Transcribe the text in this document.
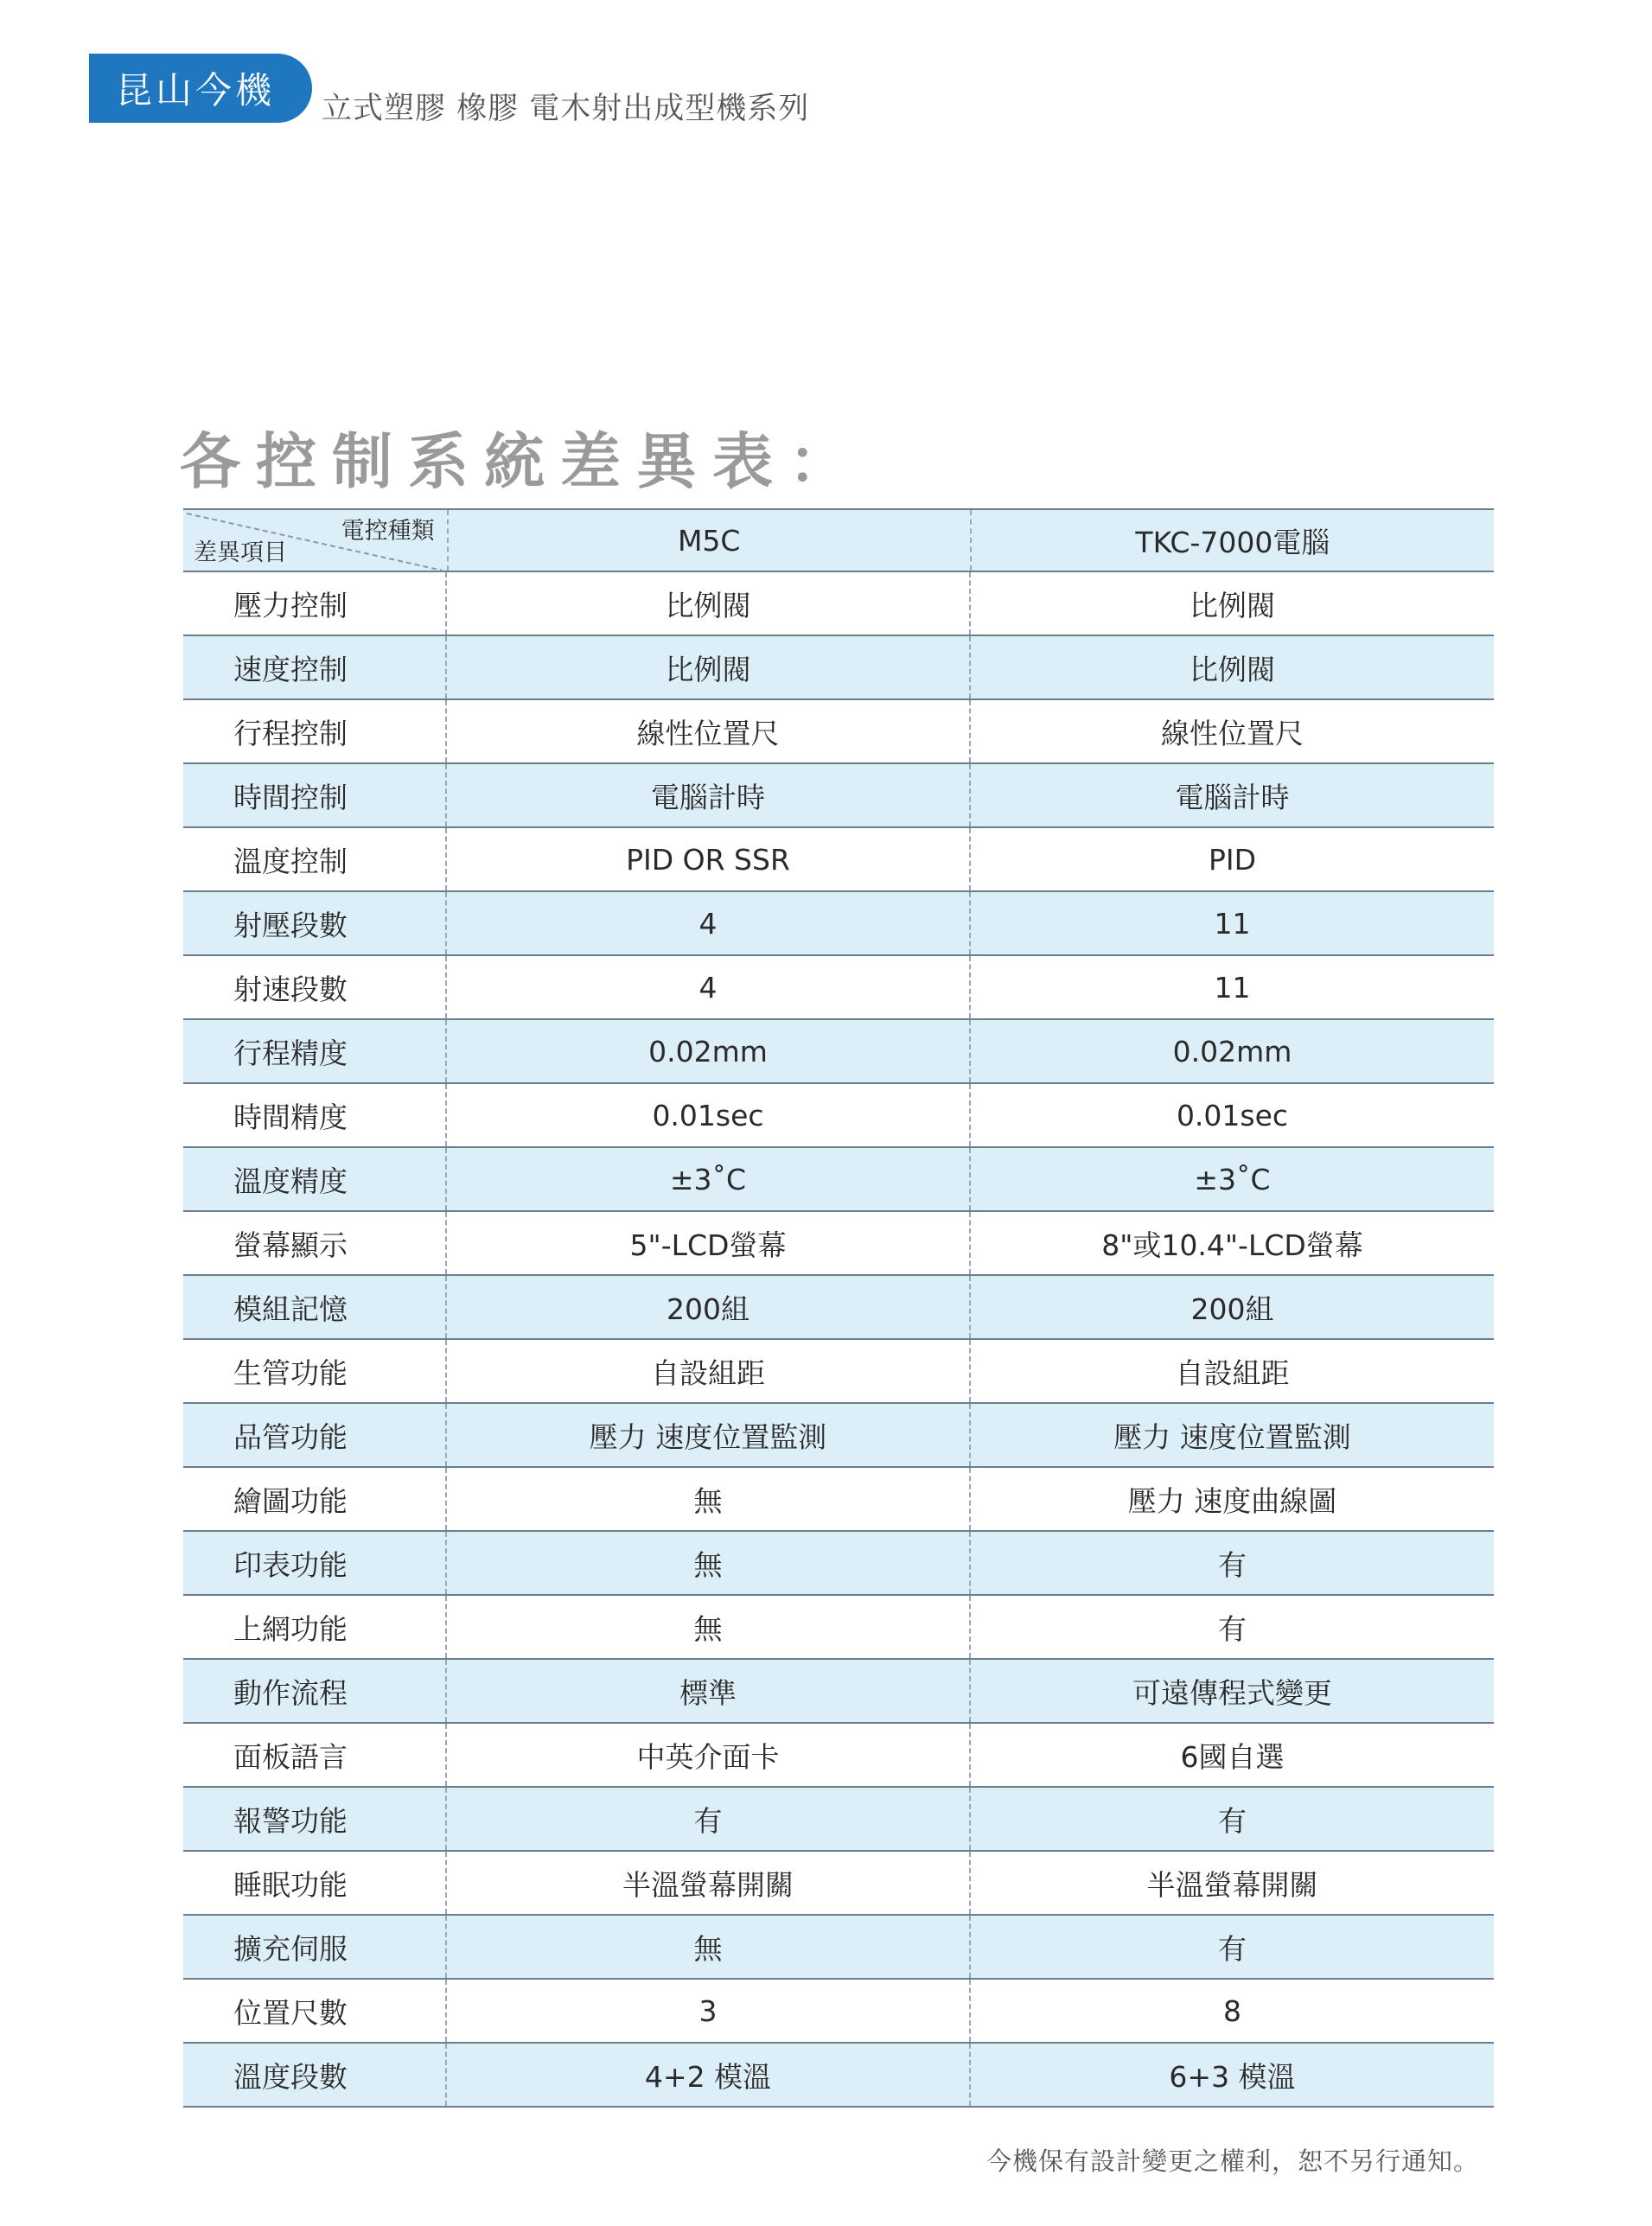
昆山今機 立式塑膠 橡膠 電木射出成型機系列
各控制系統差異表：
電控種類
差異項目	M5C	TKC-7000電腦
壓力控制	比例閥	比例閥
速度控制	比例閥	比例閥
行程控制	線性位置尺	線性位置尺
時間控制	電腦計時	電腦計時
溫度控制	PID OR SSR	PID
射壓段數	4	11
射速段數	4	11
行程精度	0.02mm	0.02mm
時間精度	0.01sec	0.01sec
溫度精度	±3˚C	±3˚C
螢幕顯示	5"-LCD螢幕	8"或10.4"-LCD螢幕
模組記憶	200組	200組
生管功能	自設組距	自設組距
品管功能	壓力 速度位置監測	壓力 速度位置監測
繪圖功能	無	壓力 速度曲線圖
印表功能	無	有
上網功能	無	有
動作流程	標準	可遠傳程式變更
面板語言	中英介面卡	6國自選
報警功能	有	有
睡眠功能	半溫螢幕開關	半溫螢幕開關
擴充伺服	無	有
位置尺數	3	8
溫度段數	4+2 模溫	6+3 模溫
今機保有設計變更之權利，恕不另行通知。
